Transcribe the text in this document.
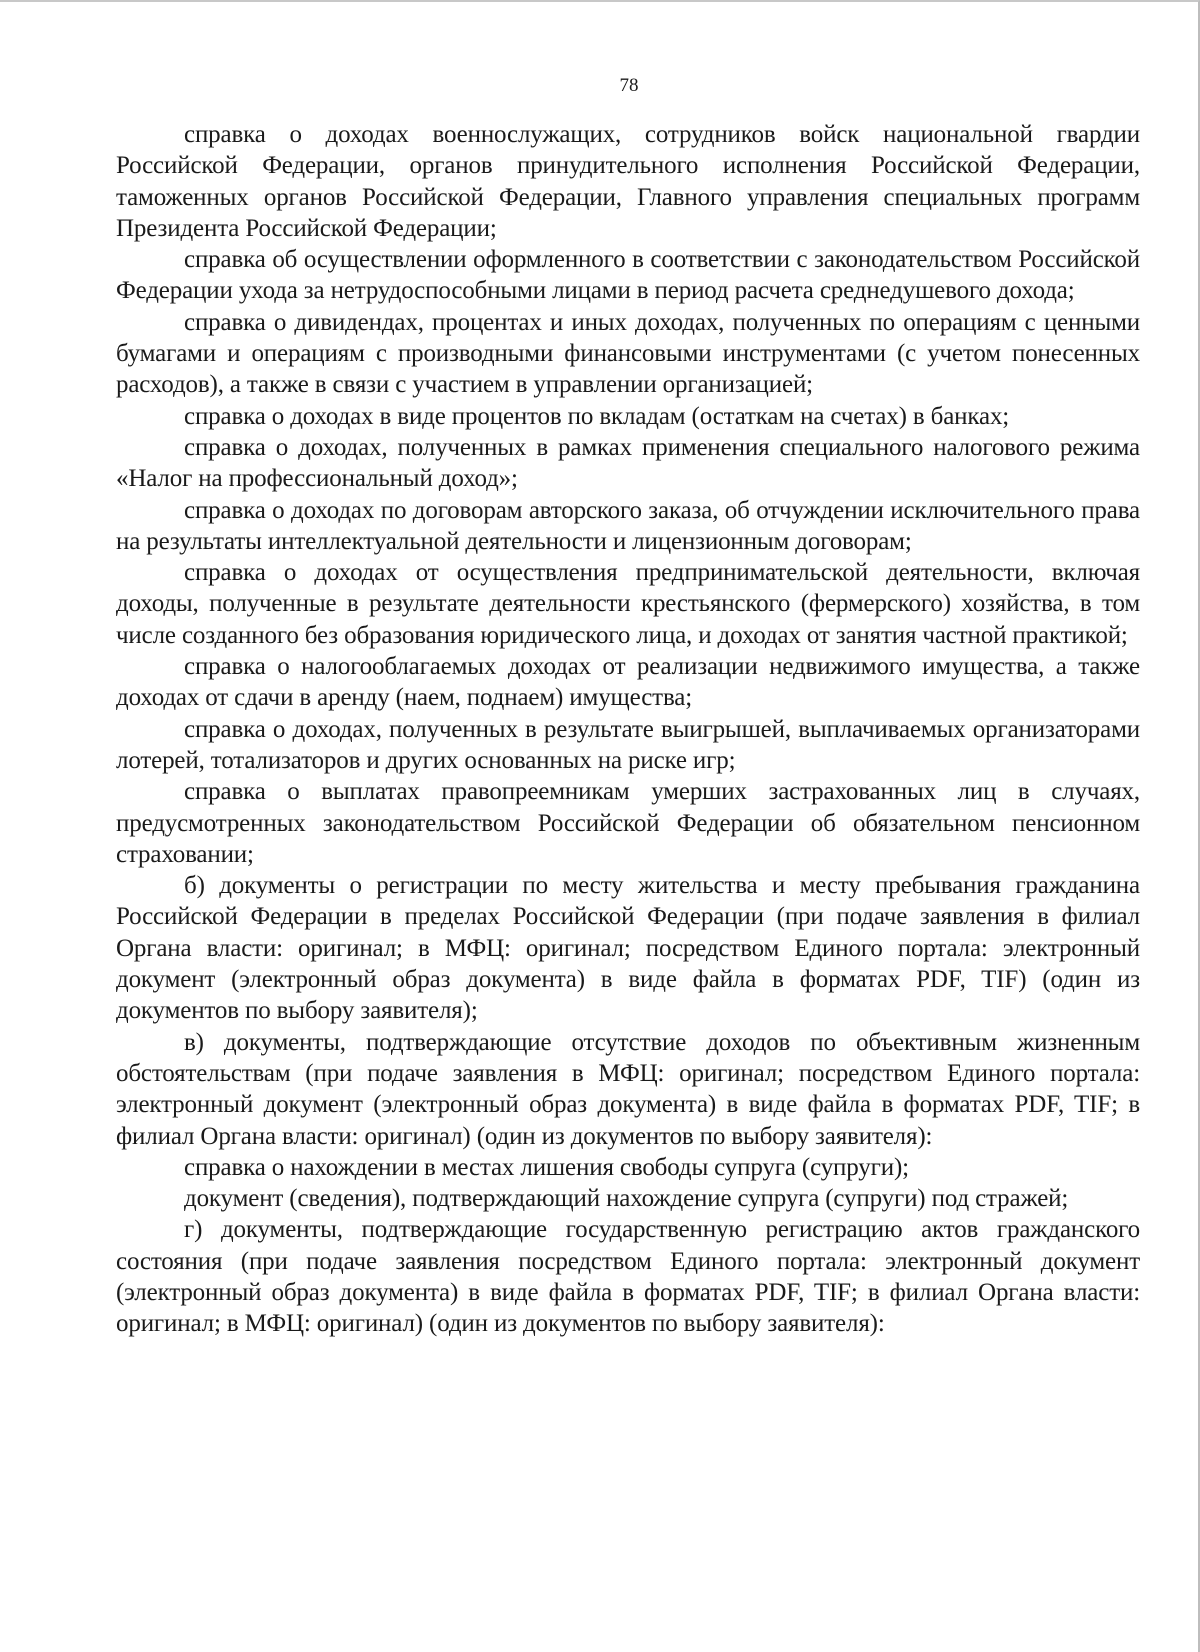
78

справка о доходах военнослужащих, сотрудников войск национальной гвардии Российской Федерации, органов принудительного исполнения Российской Федерации, таможенных органов Российской Федерации, Главного управления специальных программ Президента Российской Федерации;

справка об осуществлении оформленного в соответствии с законодательством Российской Федерации ухода за нетрудоспособными лицами в период расчета среднедушевого дохода;

справка о дивидендах, процентах и иных доходах, полученных по операциям с ценными бумагами и операциям с производными финансовыми инструментами (с учетом понесенных расходов), а также в связи с участием в управлении организацией;

справка о доходах в виде процентов по вкладам (остаткам на счетах) в банках;

справка о доходах, полученных в рамках применения специального налогового режима «Налог на профессиональный доход»;

справка о доходах по договорам авторского заказа, об отчуждении исключительного права на результаты интеллектуальной деятельности и лицензионным договорам;

справка о доходах от осуществления предпринимательской деятельности, включая доходы, полученные в результате деятельности крестьянского (фермерского) хозяйства, в том числе созданного без образования юридического лица, и доходах от занятия частной практикой;

справка о налогооблагаемых доходах от реализации недвижимого имущества, а также доходах от сдачи в аренду (наем, поднаем) имущества;

справка о доходах, полученных в результате выигрышей, выплачиваемых организаторами лотерей, тотализаторов и других основанных на риске игр;

справка о выплатах правопреемникам умерших застрахованных лиц в случаях, предусмотренных законодательством Российской Федерации об обязательном пенсионном страховании;

б) документы о регистрации по месту жительства и месту пребывания гражданина Российской Федерации в пределах Российской Федерации (при подаче заявления в филиал Органа власти: оригинал; в МФЦ: оригинал; посредством Единого портала: электронный документ (электронный образ документа) в виде файла в форматах PDF, TIF) (один из документов по выбору заявителя);

в) документы, подтверждающие отсутствие доходов по объективным жизненным обстоятельствам (при подаче заявления в МФЦ: оригинал; посредством Единого портала: электронный документ (электронный образ документа) в виде файла в форматах PDF, TIF; в филиал Органа власти: оригинал) (один из документов по выбору заявителя):

справка о нахождении в местах лишения свободы супруга (супруги);

документ (сведения), подтверждающий нахождение супруга (супруги) под стражей;

г) документы, подтверждающие государственную регистрацию актов гражданского состояния (при подаче заявления посредством Единого портала: электронный документ (электронный образ документа) в виде файла в форматах PDF, TIF; в филиал Органа власти: оригинал; в МФЦ: оригинал) (один из документов по выбору заявителя):
